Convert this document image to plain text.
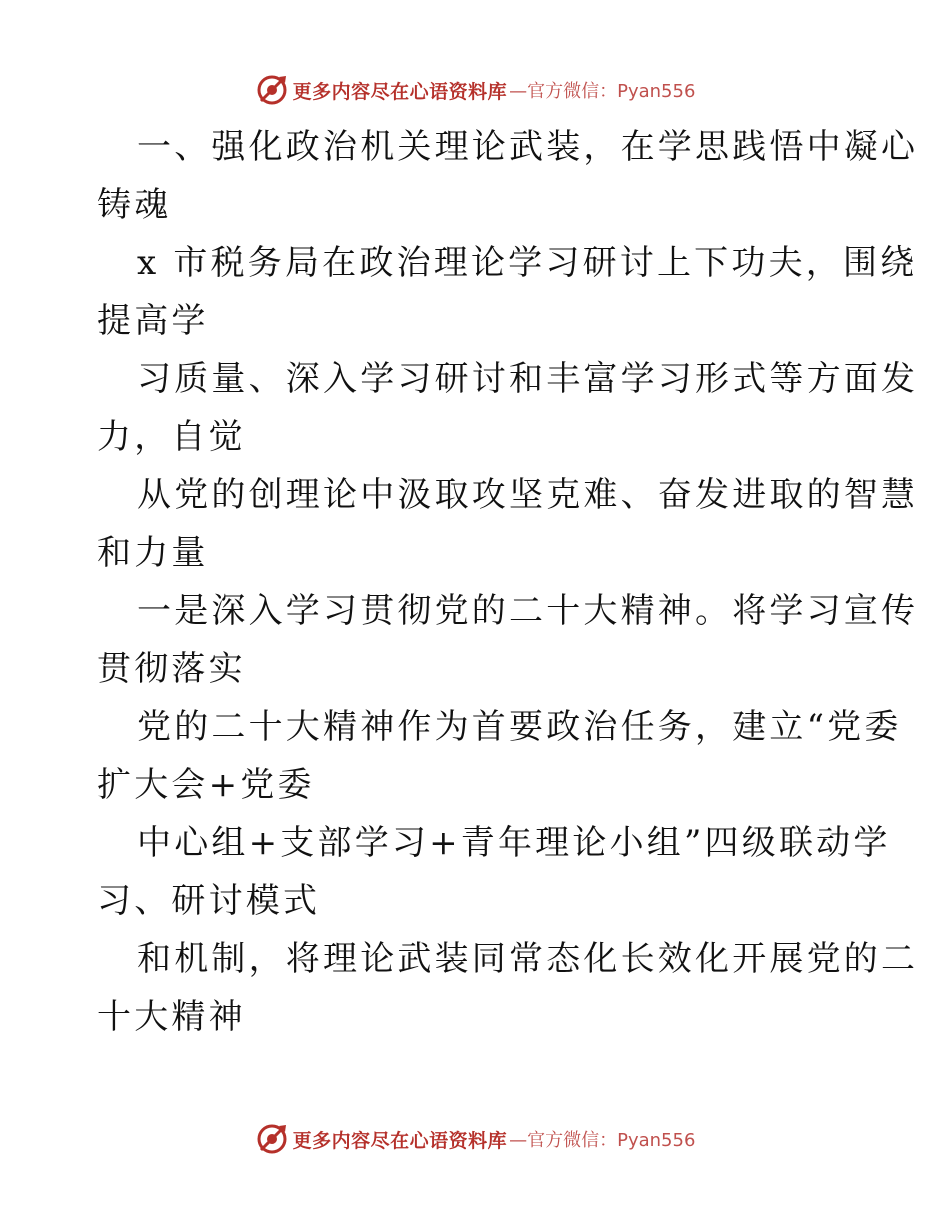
更多内容尽在心语资料库 —官方微信：Pyan556

一、强化政治机关理论武装，在学思践悟中凝心
铸魂

x 市税务局在政治理论学习研讨上下功夫，围绕
提高学

习质量、深入学习研讨和丰富学习形式等方面发
力，自觉

从党的创理论中汲取攻坚克难、奋发进取的智慧
和力量

一是深入学习贯彻党的二十大精神。将学习宣传
贯彻落实

党的二十大精神作为首要政治任务，建立“党委
扩大会+党委

中心组+支部学习+青年理论小组”四级联动学
习、研讨模式

和机制，将理论武装同常态化长效化开展党的二
十大精神

更多内容尽在心语资料库 —官方微信：Pyan556
